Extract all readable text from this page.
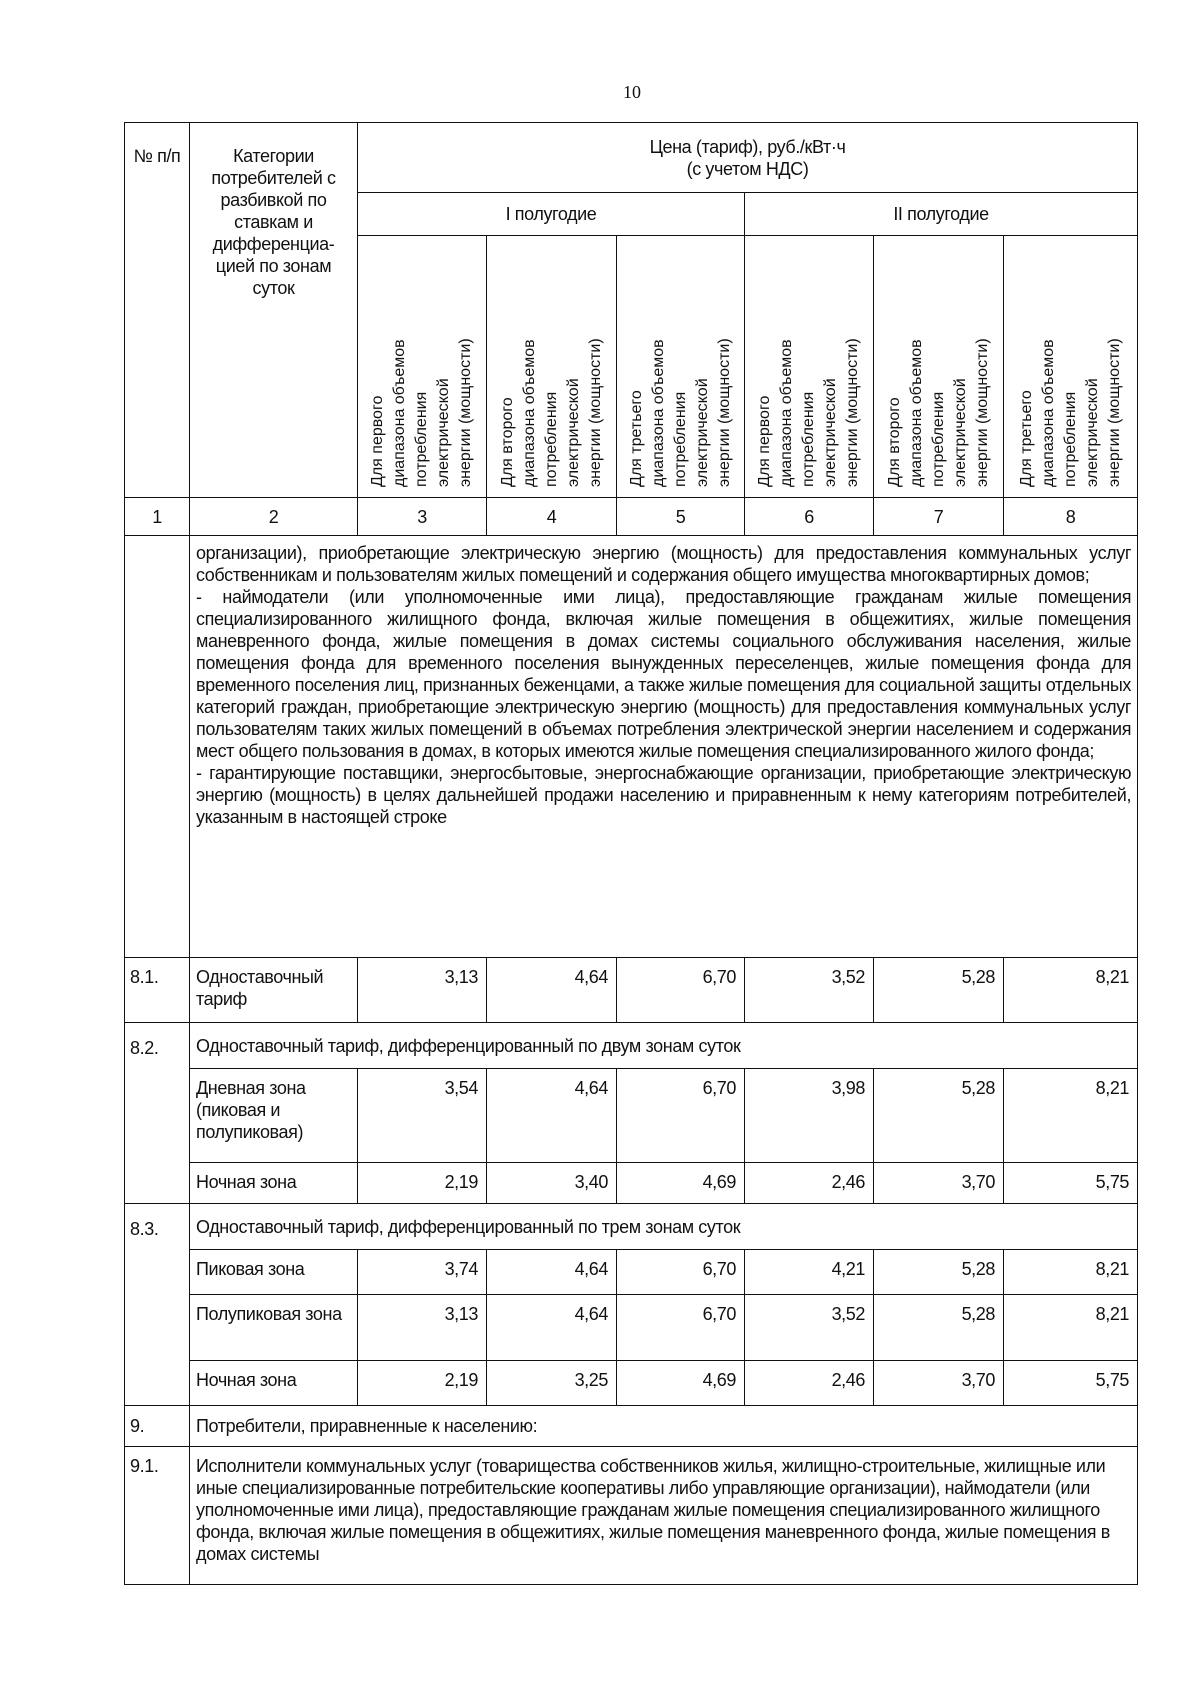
10
№ п/п	Категории потребителей с разбивкой по ставкам и дифференциа-цией по зонам суток	Цена (тариф), руб./кВт·ч
(с учетом НДС)					

		I полугодие			II полугодие		

		Для первого
диапазона объемов
потребления
электрической
энергии (мощности)	Для второго
диапазона объемов
потребления
электрической
энергии (мощности)	Для третьего
диапазона объемов
потребления
электрической
энергии (мощности)	Для первого
диапазона объемов
потребления
электрической
энергии (мощности)	Для второго
диапазона объемов
потребления
электрической
энергии (мощности)	Для третьего
диапазона объемов
потребления
электрической
энергии (мощности)

1	2	3	4	5	6	7	8

	организации), приобретающие электрическую энергию (мощность) для предоставления коммунальных услуг собственникам и пользователям жилых помещений и содержания общего имущества многоквартирных домов;

- наймодатели (или уполномоченные ими лица), предоставляющие гражданам жилые помещения специализированного жилищного фонда, включая жилые помещения в общежитиях, жилые помещения маневренного фонда, жилые помещения в домах системы социального обслуживания населения, жилые помещения фонда для временного поселения вынужденных переселенцев, жилые помещения фонда для временного поселения лиц, признанных беженцами, а также жилые помещения для социальной защиты отдельных категорий граждан, приобретающие электрическую энергию (мощность) для предоставления коммунальных услуг пользователям таких жилых помещений в объемах потребления электрической энергии населением и содержания мест общего пользования в домах, в которых имеются жилые помещения специализированного жилого фонда;

- гарантирующие поставщики, энергосбытовые, энергоснабжающие организации, приобретающие электрическую энергию (мощность) в целях дальнейшей продажи населению и приравненным к нему категориям потребителей, указанным в настоящей строке						

8.1.	Одноставочный тариф	3,13	4,64	6,70	3,52	5,28	8,21
8.2.	Одноставочный тариф, дифференцированный по двум зонам суток						
	Дневная зона (пиковая и полупиковая)	3,54	4,64	6,70	3,98	5,28	8,21
	Ночная зона	2,19	3,40	4,69	2,46	3,70	5,75
8.3.	Одноставочный тариф, дифференцированный по трем зонам суток						
	Пиковая зона	3,74	4,64	6,70	4,21	5,28	8,21
	Полупиковая зона	3,13	4,64	6,70	3,52	5,28	8,21
	Ночная зона	2,19	3,25	4,69	2,46	3,70	5,75
9.	Потребители, приравненные к населению:						
9.1.	Исполнители коммунальных услуг (товарищества собственников жилья, жилищно-строительные, жилищные или иные специализированные потребительские кооперативы либо управляющие организации), наймодатели (или уполномоченные ими лица), предоставляющие гражданам жилые помещения специализированного жилищного фонда, включая жилые помещения в общежитиях, жилые помещения маневренного фонда, жилые помещения в домах системы						
